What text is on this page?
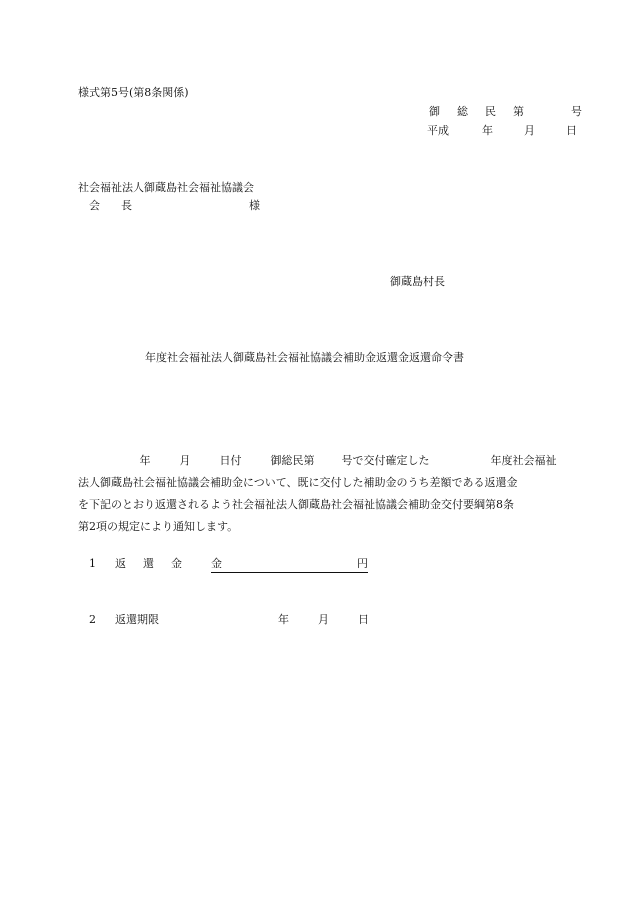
様式第5号(第8条関係)
御 総 民 第	号
平成	年	月	日
社会福祉法人御蔵島社会福祉協議会
会 長	様
御蔵島村長
年度社会福祉法人御蔵島社会福祉協議会補助金返還金返還命令書
年	月	日付	御総民第 号で交付確定した	年度社会福祉
法人御蔵島社会福祉協議会補助金について、既に交付した補助金のうち差額である返還金
を下記のとおり返還されるよう社会福祉法人御蔵島社会福祉協議会補助金交付要綱第8条
第2項の規定により通知します。
1 返 還 金	金	円
2 返還期限	年	月	日
